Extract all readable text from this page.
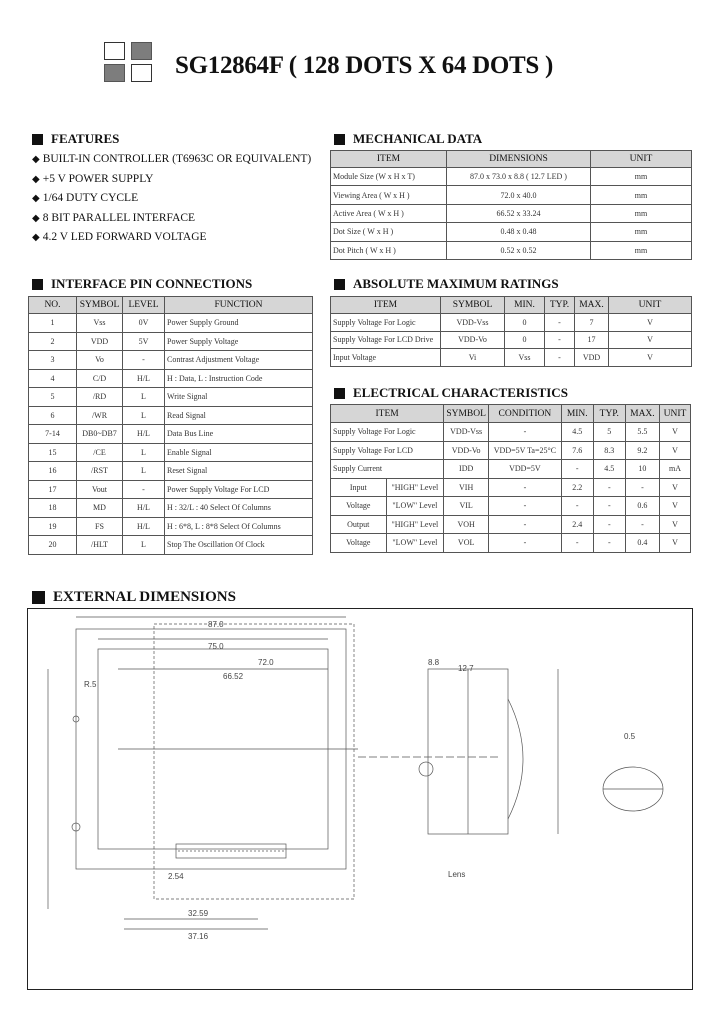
SG12864F ( 128 DOTS X 64 DOTS )
FEATURES
◆ BUILT-IN CONTROLLER (T6963C OR EQUIVALENT)
◆ +5 V POWER SUPPLY
◆ 1/64 DUTY CYCLE
◆ 8 BIT PARALLEL INTERFACE
◆ 4.2 V LED FORWARD VOLTAGE
MECHANICAL DATA
ITEM	DIMENSIONS	UNIT
Module Size (W x H x T)	87.0 x 73.0 x 8.8 ( 12.7 LED )	mm
Viewing Area ( W x H )	72.0 x 40.0	mm
Active Area ( W x H )	66.52 x 33.24	mm
Dot Size ( W x H )	0.48 x 0.48	mm
Dot Pitch ( W x H )	0.52 x 0.52	mm
INTERFACE PIN CONNECTIONS
NO.	SYMBOL	LEVEL	FUNCTION
1	Vss	0V	Power Supply Ground
2	VDD	5V	Power Supply Voltage
3	Vo	-	Contrast Adjustment Voltage
4	C/D	H/L	H : Data, L : Instruction Code
5	/RD	L	Write Signal
6	/WR	L	Read Signal
7-14	DB0~DB7	H/L	Data Bus Line
15	/CE	L	Enable Signal
16	/RST	L	Reset Signal
17	Vout	-	Power Supply Voltage For LCD
18	MD	H/L	H : 32/L : 40 Select Of Columns
19	FS	H/L	H : 6*8, L : 8*8 Select Of Columns
20	/HLT	L	Stop The Oscillation Of Clock
ABSOLUTE MAXIMUM RATINGS
ITEM	SYMBOL	MIN.	TYP.	MAX.	UNIT
Supply Voltage For Logic	VDD-Vss	0	-	7	V
Supply Voltage For LCD Drive	VDD-Vo	0	-	17	V
Input Voltage	Vi	Vss	-	VDD	V
ELECTRICAL CHARACTERISTICS
ITEM		SYMBOL	CONDITION	MIN.	TYP.	MAX.	UNIT
Supply Voltage For Logic		VDD-Vss	-	4.5	5	5.5	V
Supply Voltage For LCD		VDD-Vo	VDD=5V Ta=25°C	7.6	8.3	9.2	V
Supply Current		IDD	VDD=5V	-	4.5	10	mA
Input	"HIGH" Level	VIH	-	2.2	-	-	V
Voltage	"LOW" Level	VIL	-	-	-	0.6	V
Output	"HIGH" Level	VOH	-	2.4	-	-	V
Voltage	"LOW" Level	VOL	-	-	-	0.4	V
EXTERNAL DIMENSIONS
87.0
75.0
66.52
8.8
12.7
R.5
0.5
2.54	Lens
32.59
37.16
72.0
